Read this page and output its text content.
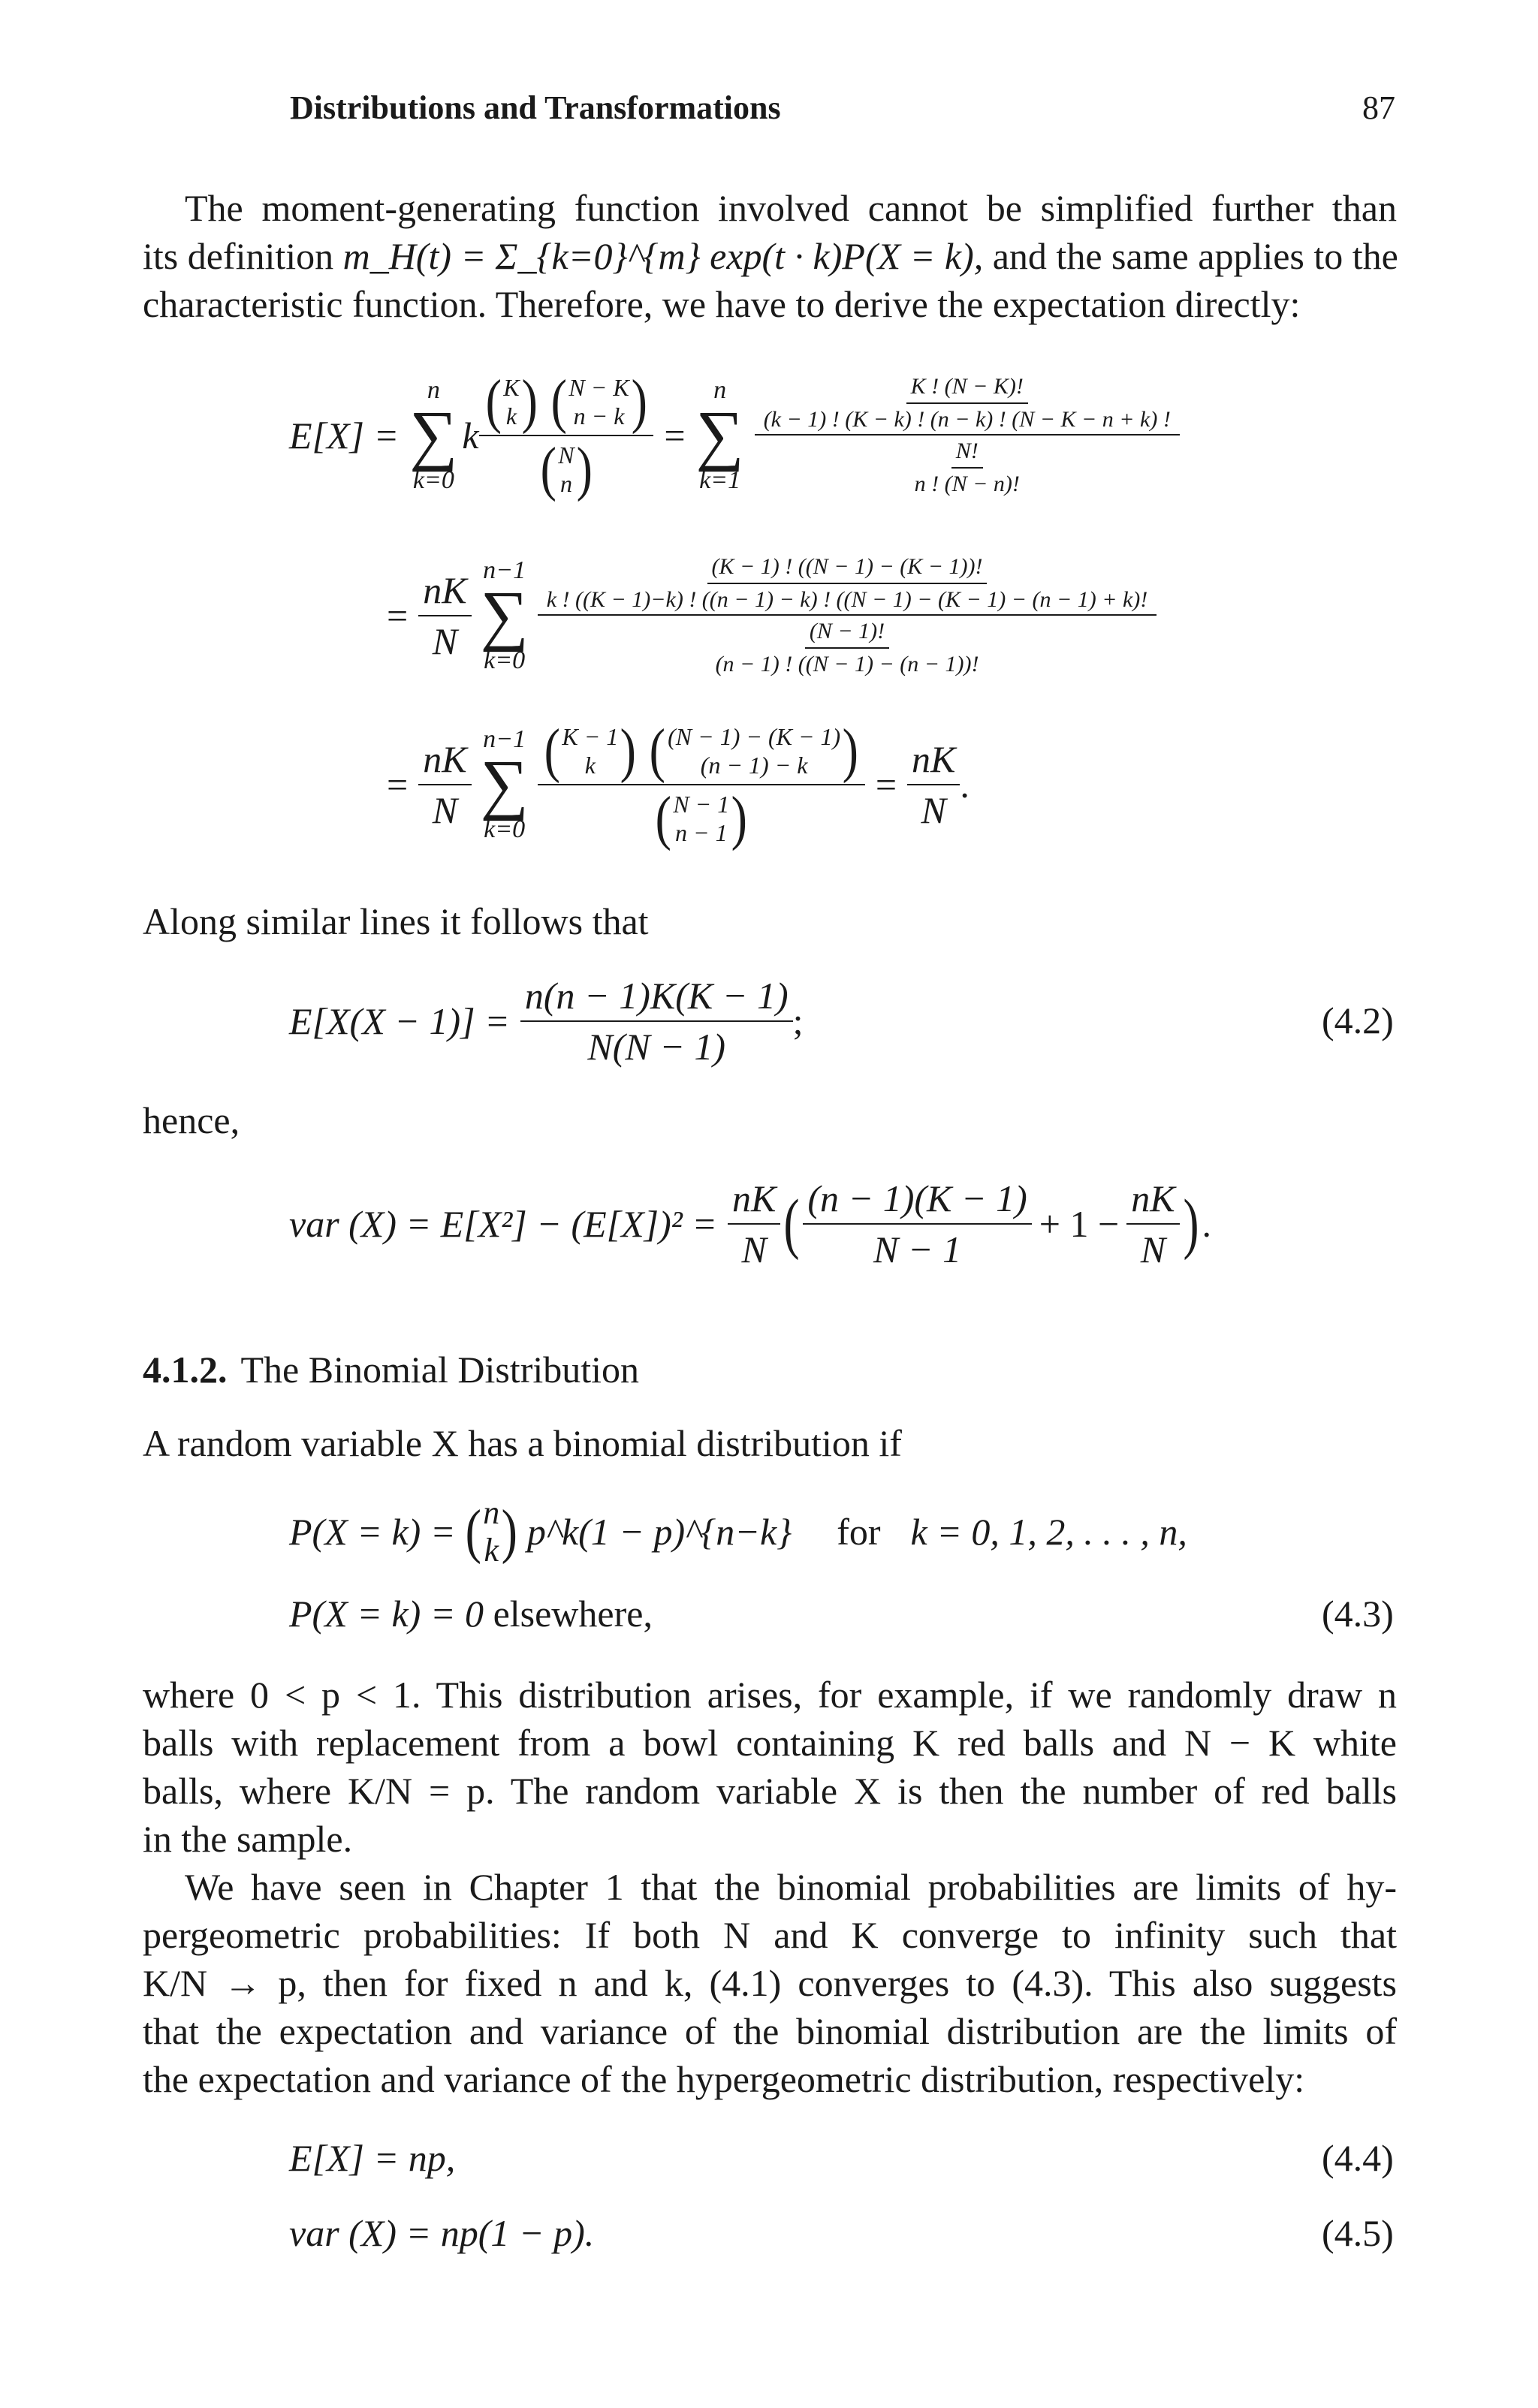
Distributions and Transformations	87
The moment-generating function involved cannot be simplified further than
its definition m_H(t) = Σ_{k=0}^{m} exp(t · k)P(X = k), and the same applies to the
characteristic function. Therefore, we have to derive the expectation directly:
E[X] =
n
∑
k=0
k ( K
k )
( N − K
n − k )
( N
n ) =
n
∑
$k=1 \frac{\frac{K ! (N - K)!}{(k - 1) ! (K - k) ! (n - k) ! (N - K - n + k) !}}{\frac{N!}{n ! (N - n)!}}$
= $\frac{nK}{N} n-1$
∑
k=0
(K − 1) ! ((N − 1) − (K − 1))!
k ! ((K − 1)−k) ! ((n − 1) − k) ! ((N − 1) − (K − 1) − (n − 1) + k)!
$\frac{(N - 1)!}{(n - 1) ! ((N - 1) - (n - 1))!}$
= $\frac{nK}{N} n-1$
∑
k=0 ( K − 1
k )
( (N − 1) − (K − 1)
(n − 1) − k )
( N − 1
n − 1 ) = $\frac{nK}{N}$ .
Along similar lines it follows that
$E[X(X - 1)] = \frac{n(n - 1)K(K - 1)}{N(N - 1)}$ ;	(4.2)
hence,
var $(X) = E[X^2] - (E[X])^2 = \frac{nK}{N}$ ( $\frac{(n - 1)(K - 1)}{N - 1} + 1 - \frac{nK}{N}$ ) .
4.1.2. The Binomial Distribution
A random variable X has a binomial distribution if
P(X = k) = ( n
k ) p^k(1 − p)^{n−k} for k = 0, 1, 2, . . . , n,
P(X = k) = 0 elsewhere,	(4.3)
where 0 < p < 1. This distribution arises, for example, if we randomly draw n
balls with replacement from a bowl containing K red balls and N − K white
balls, where K/N = p. The random variable X is then the number of red balls
in the sample.
We have seen in Chapter 1 that the binomial probabilities are limits of hy-
pergeometric probabilities: If both N and K converge to infinity such that
K/N → p, then for fixed n and k, (4.1) converges to (4.3). This also suggests
that the expectation and variance of the binomial distribution are the limits of
the expectation and variance of the hypergeometric distribution, respectively:
E[X] = np,	(4.4)
var (X) = np(1 − p).	(4.5)
